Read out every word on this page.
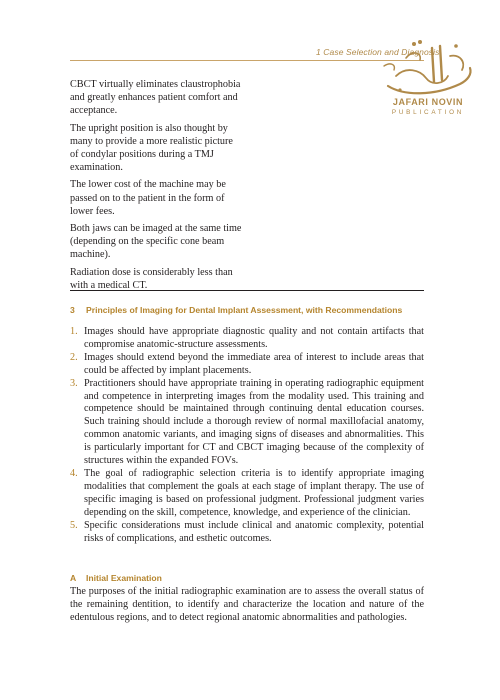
1 Case Selection and Diagnosis
JAFARI NOVIN
PUBLICATION

CBCT virtually eliminates claustrophobia and greatly enhances patient comfort and acceptance.

The upright position is also thought by many to provide a more realistic picture of condylar positions during a TMJ examination.

The lower cost of the machine may be passed on to the patient in the form of lower fees.

Both jaws can be imaged at the same time (depending on the specific cone beam machine).

Radiation dose is considerably less than with a medical CT.

3 Principles of Imaging for Dental Implant Assessment, with Recommendations
1. Images should have appropriate diagnostic quality and not contain artifacts that compromise anatomic-structure assessments.
2. Images should extend beyond the immediate area of interest to include areas that could be affected by implant placements.
3. Practitioners should have appropriate training in operating radiographic equipment and competence in interpreting images from the modality used. This training and competence should be maintained through continuing dental education courses. Such training should include a thorough review of normal maxillofacial anatomy, common anatomic variants, and imaging signs of diseases and abnormalities. This is particularly important for CT and CBCT imaging because of the complexity of structures within the expanded FOVs.
4. The goal of radiographic selection criteria is to identify appropriate imaging modalities that complement the goals at each stage of implant therapy. The use of specific imaging is based on professional judgment. Professional judgment varies depending on the skill, competence, knowledge, and experience of the clinician.
5. Specific considerations must include clinical and anatomic complexity, potential risks of complications, and esthetic outcomes.
A Initial Examination

The purposes of the initial radiographic examination are to assess the overall status of the remaining dentition, to identify and characterize the location and nature of the edentulous regions, and to detect regional anatomic abnormalities and pathologies.
